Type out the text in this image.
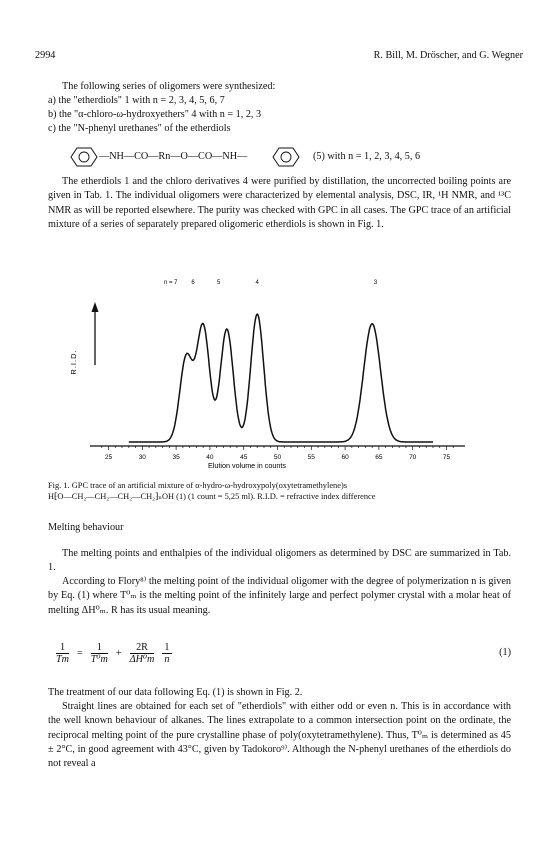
2994	R. Bill, M. Dröscher, and G. Wegner
The following series of oligomers were synthesized:
a) the "etherdiols" 1 with n = 2, 3, 4, 5, 6, 7
b) the "α-chloro-ω-hydroxyethers" 4 with n = 1, 2, 3
c) the "N-phenyl urethanes" of the etherdiols
—NH—CO—Rn—O—CO—NH—	(5) with n = 1, 2, 3, 4, 5, 6
The etherdiols 1 and the chloro derivatives 4 were purified by distillation, the uncorrected boiling points are given in Tab. 1. The individual oligomers were characterized by elemental analysis, DSC, IR, ¹H NMR, and ¹³C NMR as will be reported elsewhere. The purity was checked with GPC in all cases. The GPC trace of an artificial mixture of a series of separately prepared oligomeric etherdiols is shown in Fig. 1.
n = 7 6	5	4	3
R.I.D.
25	30	35	40	45	50	55	60	65	70	75
Elution volume in counts
Fig. 1. GPC trace of an artificial mixture of α-hydro-ω-hydroxypoly(oxytetramethylene)s
H⁅O—CH₂—CH₂—CH₂—CH₂⁆ₙOH (1) (1 count = 5,25 ml). R.I.D. = refractive index difference
Melting behaviour
The melting points and enthalpies of the individual oligomers as determined by DSC are summarized in Tab. 1.
According to Flory⁸⁾ the melting point of the individual oligomer with the degree of polymerization n is given by Eq. (1) where T⁰ₘ is the melting point of the infinitely large and perfect polymer crystal with a molar heat of melting ΔH⁰ₘ. R has its usual meaning.
$\frac{1}{Tm} = \frac{1}{\text{T⁰m}} + \frac{2R}{\text{ΔH⁰m}} \frac{1}{n}$	(1)
The treatment of our data following Eq. (1) is shown in Fig. 2.
Straight lines are obtained for each set of "etherdiols" with either odd or even n. This is in accordance with the well known behaviour of alkanes. The lines extrapolate to a common intersection point on the ordinate, the reciprocal melting point of the pure crystalline phase of poly(oxytetramethylene). Thus, T⁰ₘ is determined as 45 ± 2°C, in good agreement with 43°C, given by Tadokoro⁹⁾. Although the N-phenyl urethanes of the etherdiols do not reveal a
